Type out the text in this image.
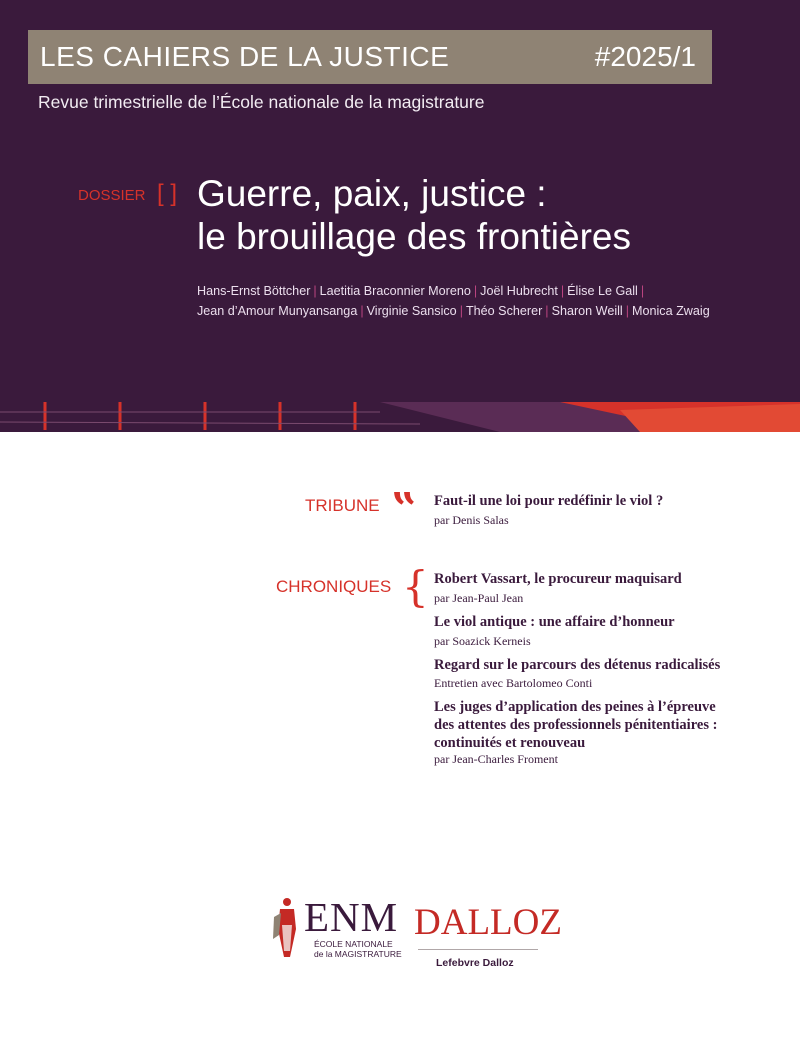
LES CAHIERS DE LA JUSTICE	#2025/1
Revue trimestrielle de l’École nationale de la magistrature
DOSSIER [ ] Guerre, paix, justice :
le brouillage des frontières
Hans-Ernst Böttcher | Laetitia Braconnier Moreno | Joël Hubrecht | Élise Le Gall |
Jean d’Amour Munyansanga | Virginie Sansico | Théo Scherer | Sharon Weill | Monica Zwaig
TRIBUNE ‟ Faut-il une loi pour redéfinir le viol ?
par Denis Salas
CHRONIQUES { Robert Vassart, le procureur maquisard
par Jean-Paul Jean
Le viol antique : une affaire d’honneur
par Soazick Kerneis
Regard sur le parcours des détenus radicalisés
Entretien avec Bartolomeo Conti
Les juges d’application des peines à l’épreuve
des attentes des professionnels pénitentiaires :
continuités et renouveau
par Jean-Charles Froment
ENM
ÉCOLE NATIONALE
de la MAGISTRATURE
DALLOZ
Lefebvre Dalloz
